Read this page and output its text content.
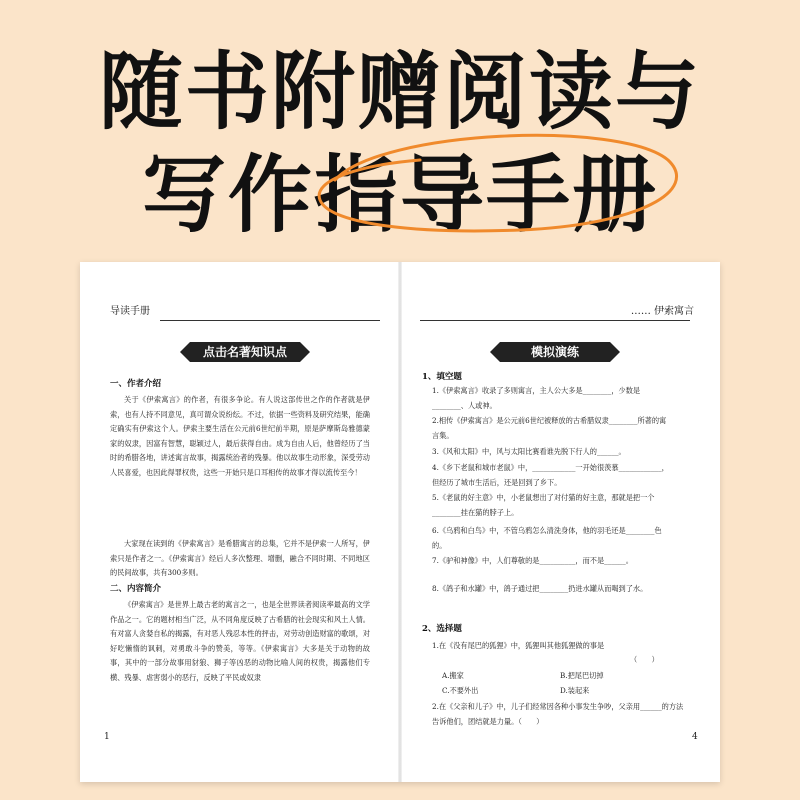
随书附赠阅读与
写作指导手册
导读手册
点击名著知识点
一、作者介绍
关于《伊索寓言》的作者，有很多争论。有人说这部传世之作的作者就是伊索，也有人持不同意见，真可谓众说纷纭。不过，依据一些资料及研究结果，能确定确实有伊索这个人。伊索主要生活在公元前6世纪前半期，原是萨摩斯岛雅德蒙家的奴隶，因富有智慧，聪颖过人，最后获得自由。成为自由人后，他曾经历了当时的希腊各地，讲述寓言故事，揭露统治者的残暴。他以故事生动形象，深受劳动人民喜爱，也因此得罪权贵，这些一开始只是口耳相传的故事才得以流传至今！
大家现在读到的《伊索寓言》是希腊寓言的总集，它并不是伊索一人所写，伊索只是作者之一。《伊索寓言》经后人多次整理、增删，融合不同时期、不同地区的民间故事，共有300多则。
二、内容简介
《伊索寓言》是世界上最古老的寓言之一，也是全世界读者阅读率最高的文学作品之一。它的题材相当广泛，从不同角度反映了古希腊的社会现实和风土人情。有对富人贪婪自私的揭露，有对恶人残忍本性的抨击，对劳动创造财富的歌颂，对好吃懒惰的讽刺，对勇敢斗争的赞美，等等。《伊索寓言》大多是关于动物的故事，其中的一部分故事用豺狼、狮子等凶恶的动物比喻人间的权贵，揭露他们专横、残暴、虐害弱小的恶行，反映了平民或奴隶
1
…… 伊索寓言
模拟演练
1、填空题
1.《伊索寓言》收录了多则寓言，主人公大多是________，少数是________、人或神。
2.相传《伊索寓言》是公元前6世纪被释放的古希腊奴隶________所著的寓言集。
3.《风和太阳》中，风与太阳比赛看谁先脱下行人的______。
4.《乡下老鼠和城市老鼠》中，____________一开始很羡慕____________，但经历了城市生活后，还是回到了乡下。
5.《老鼠的好主意》中，小老鼠想出了对付猫的好主意，那就是把一个________挂在猫的脖子上。
6.《乌鸦和白鸟》中，不管乌鸦怎么清洗身体，他的羽毛还是________色的。
7.《驴和神像》中，人们尊敬的是__________，而不是______。
8.《鸽子和水罐》中，鸽子通过把________扔进水罐从而喝到了水。
2、选择题
1.在《没有尾巴的狐狸》中，狐狸叫其他狐狸做的事是
（　　）
A.搬家	B.把尾巴切掉
C.不要外出	D.装起来
2.在《父亲和儿子》中，儿子们经常因各种小事发生争吵，父亲用______的方法告诉他们，团结就是力量。（　　）
4
